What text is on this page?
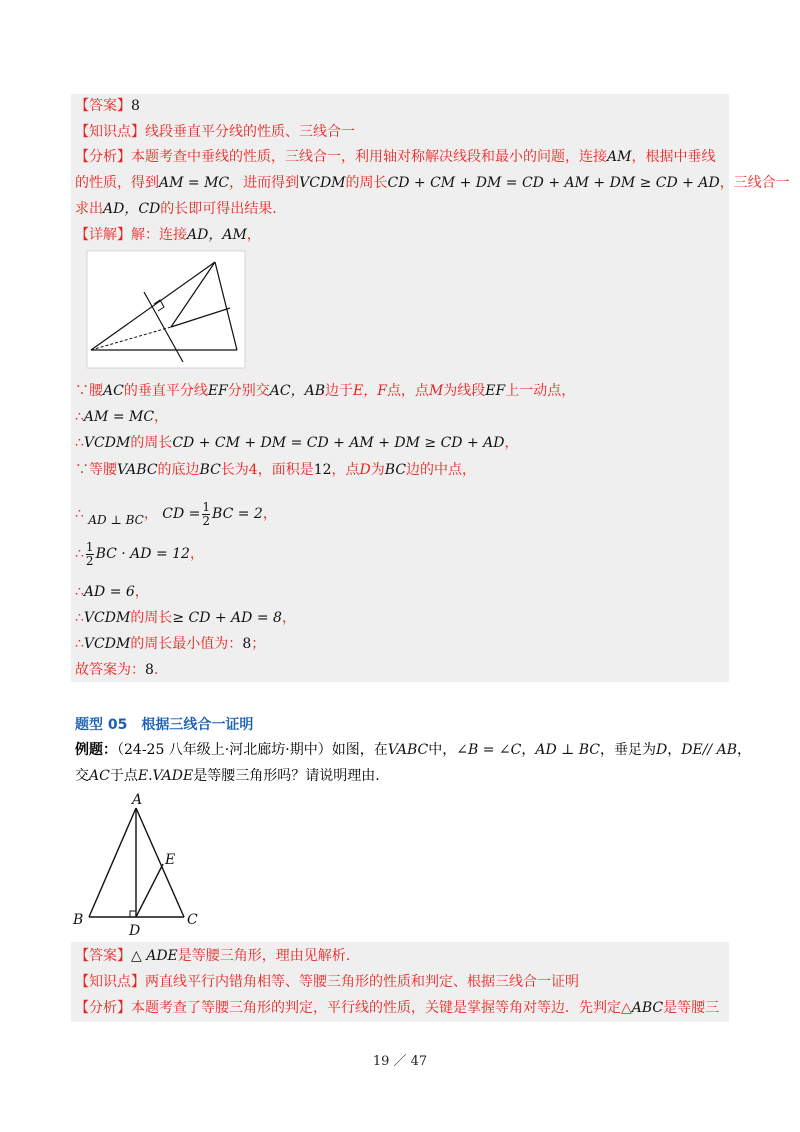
【答案】8
【知识点】线段垂直平分线的性质、三线合一
【分析】本题考查中垂线的性质，三线合一，利用轴对称解决线段和最小的问题，连接AM，根据中垂线
的性质，得到AM = MC，进而得到VCDM的周长CD + CM + DM = CD + AM + DM ≥ CD + AD，三线合一
求出AD，CD的长即可得出结果.
【详解】解：连接AD，AM，
∵腰AC的垂直平分线EF分别交AC，AB边于E，F点，点M为线段EF上一动点，
∴AM = MC，
∴VCDM的周长CD + CM + DM = CD + AM + DM ≥ CD + AD，
∵等腰VABC的底边BC长为4，面积是12，点D为BC边的中点，
∴ AD ⊥ BC， CD = $\frac{1}{2}$ BC = 2，
∴ $\frac{1}{2}$ BC · AD = 12，
∴AD = 6，
∴VCDM的周长≥ CD + AD = 8，
∴VCDM的周长最小值为：8；
故答案为：8.
题型 05　根据三线合一证明
例题：（24-25 八年级上·河北廊坊·期中）如图，在VABC中，∠B = ∠C，AD ⊥ BC，垂足为D，DE// AB，
交AC于点E.VADE是等腰三角形吗？请说明理由.
A
E
B	C
D
【答案】△ ADE是等腰三角形，理由见解析.
【知识点】两直线平行内错角相等、等腰三角形的性质和判定、根据三线合一证明
【分析】本题考查了等腰三角形的判定，平行线的性质，关键是掌握等角对等边．先判定△ABC是等腰三
19 ／ 47
